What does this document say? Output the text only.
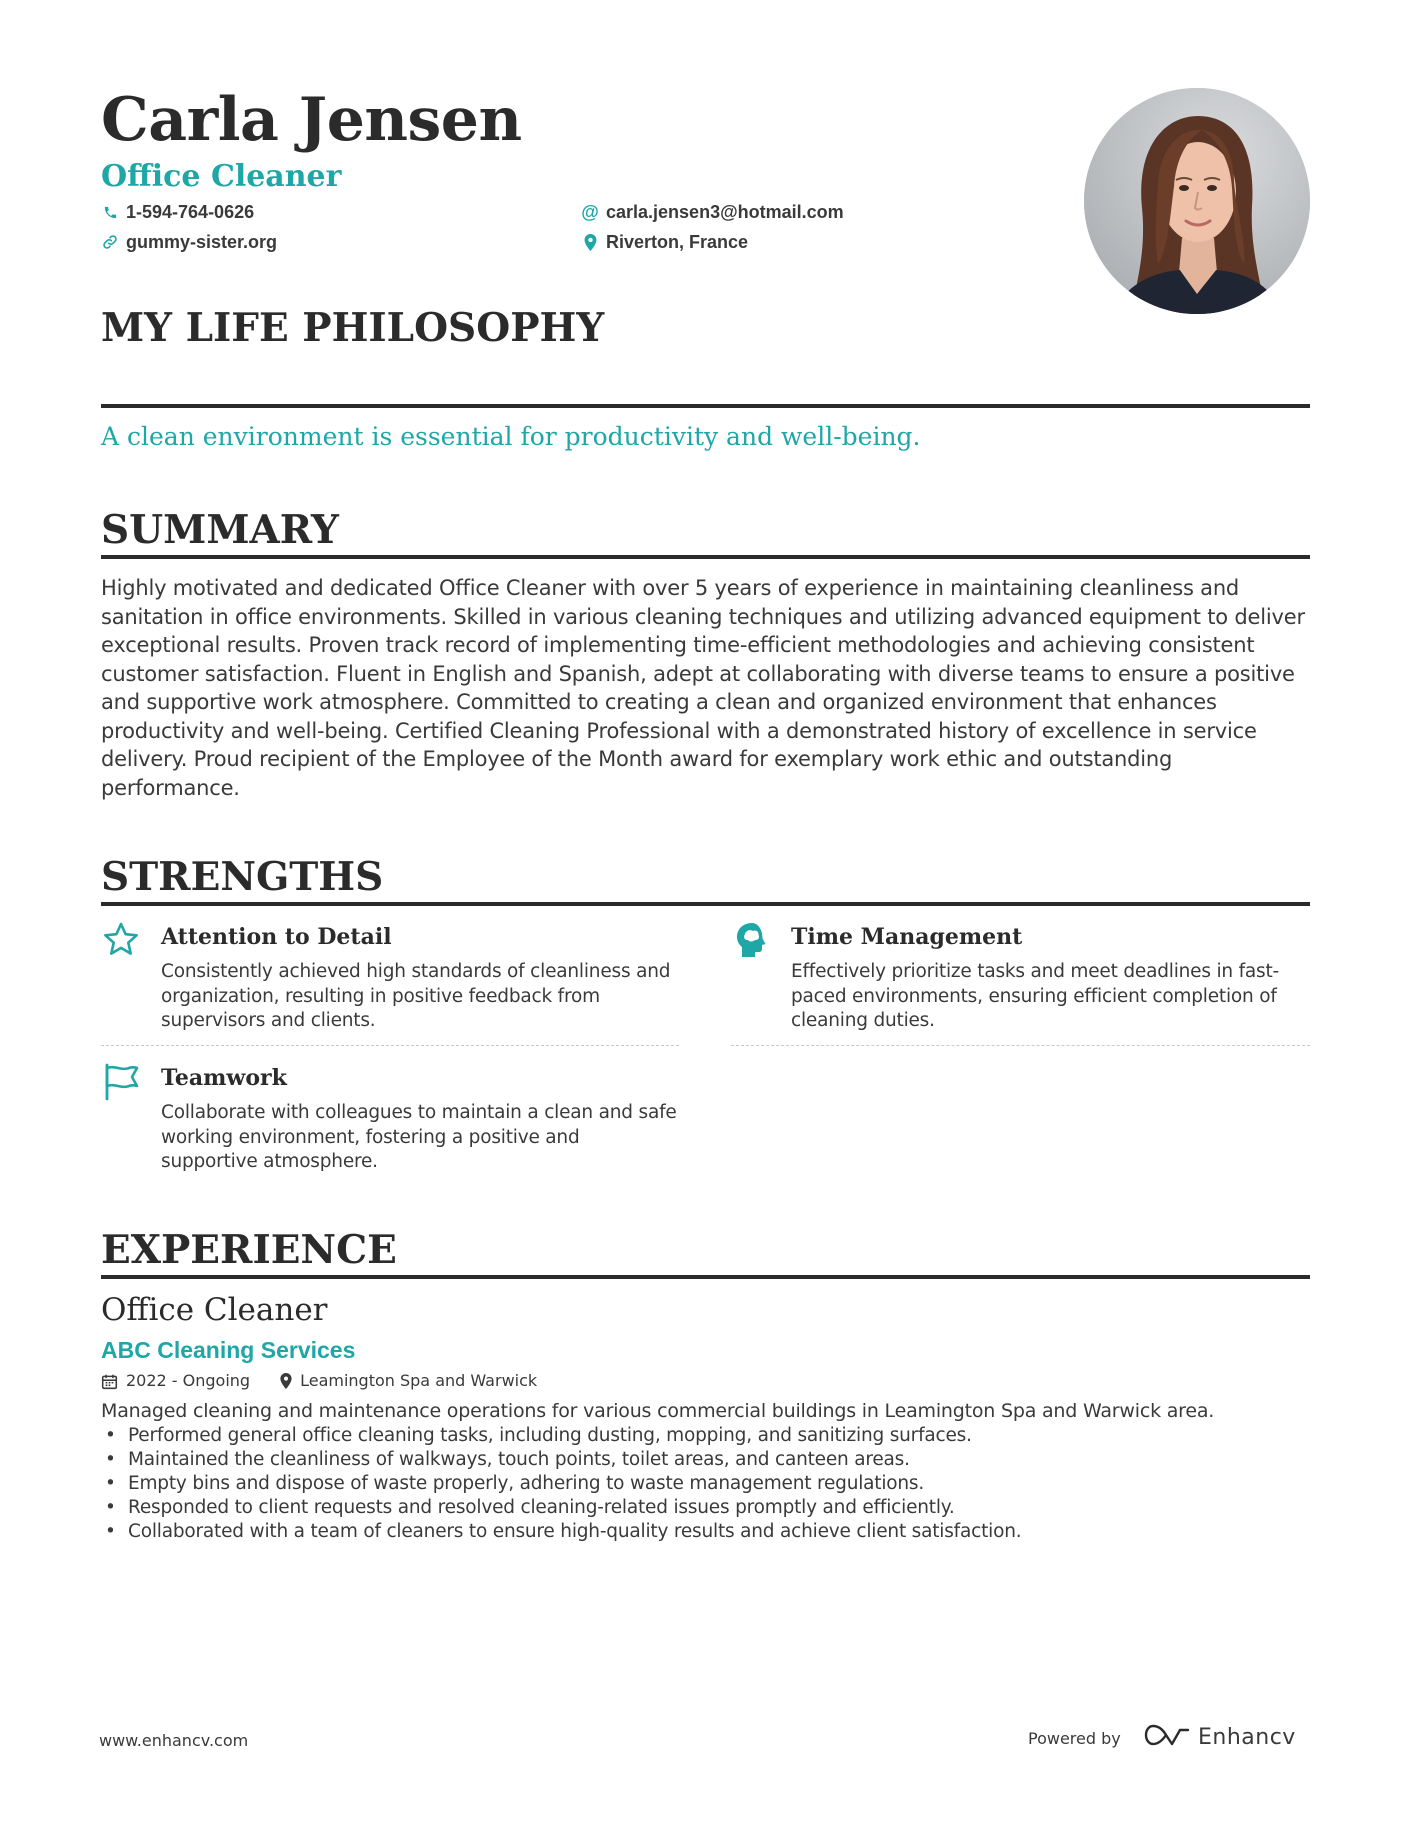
Carla Jensen
Office Cleaner
1-594-764-0626
gummy-sister.org
@ carla.jensen3@hotmail.com
Riverton, France
MY LIFE PHILOSOPHY
A clean environment is essential for productivity and well-being.
SUMMARY
Highly motivated and dedicated Office Cleaner with over 5 years of experience in maintaining cleanliness and sanitation in office environments. Skilled in various cleaning techniques and utilizing advanced equipment to deliver exceptional results. Proven track record of implementing time-efficient methodologies and achieving consistent customer satisfaction. Fluent in English and Spanish, adept at collaborating with diverse teams to ensure a positive and supportive work atmosphere. Committed to creating a clean and organized environment that enhances productivity and well-being. Certified Cleaning Professional with a demonstrated history of excellence in service delivery. Proud recipient of the Employee of the Month award for exemplary work ethic and outstanding performance.
STRENGTHS
Attention to Detail
Consistently achieved high standards of cleanliness and organization, resulting in positive feedback from supervisors and clients.
Time Management
Effectively prioritize tasks and meet deadlines in fast-paced environments, ensuring efficient completion of cleaning duties.
Teamwork
Collaborate with colleagues to maintain a clean and safe working environment, fostering a positive and supportive atmosphere.
EXPERIENCE
Office Cleaner
ABC Cleaning Services
2022 - Ongoing	Leamington Spa and Warwick
Managed cleaning and maintenance operations for various commercial buildings in Leamington Spa and Warwick area.
• Performed general office cleaning tasks, including dusting, mopping, and sanitizing surfaces.
• Maintained the cleanliness of walkways, touch points, toilet areas, and canteen areas.
• Empty bins and dispose of waste properly, adhering to waste management regulations.
• Responded to client requests and resolved cleaning-related issues promptly and efficiently.
• Collaborated with a team of cleaners to ensure high-quality results and achieve client satisfaction.
www.enhancv.com	Powered by	Enhancv
